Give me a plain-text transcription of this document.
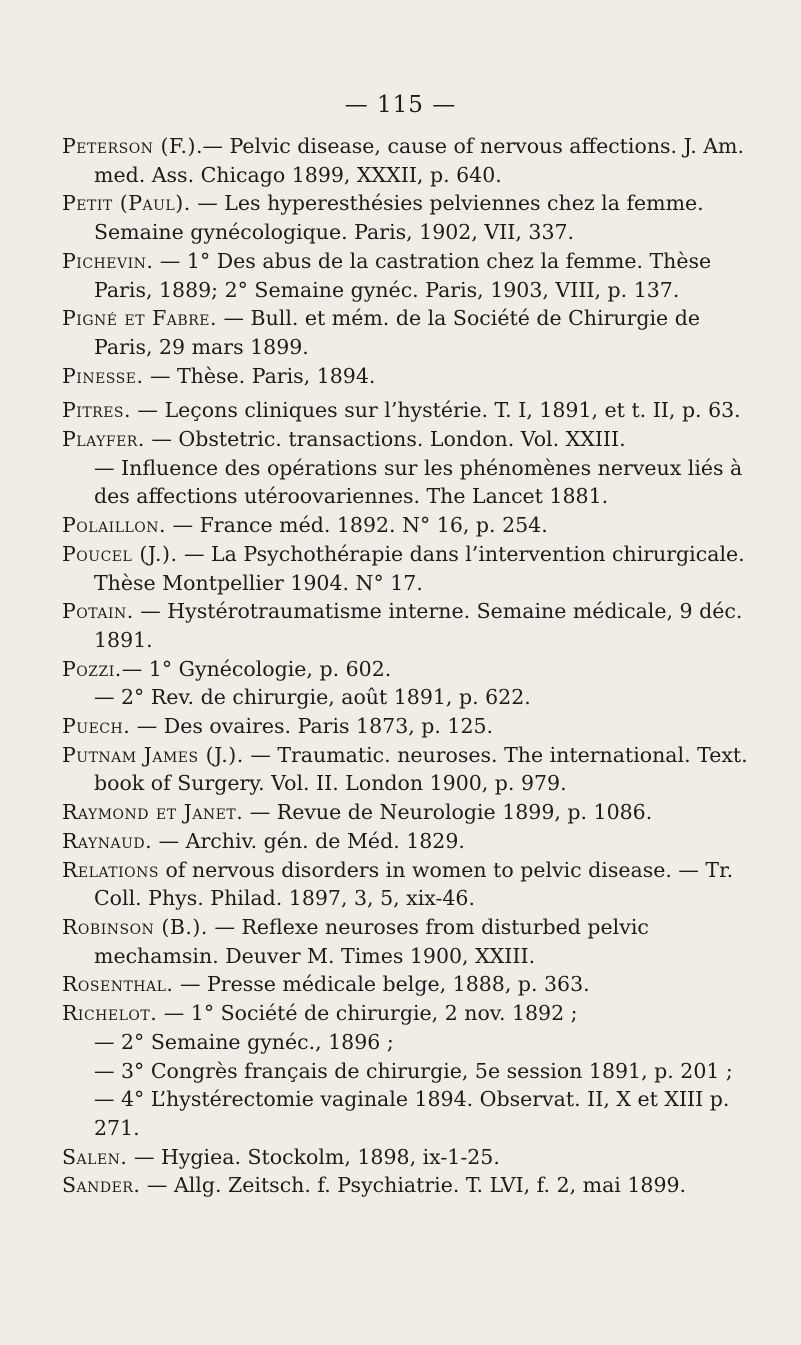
— 115 —
Peterson (F.).— Pelvic disease, cause of nervous affections. J. Am. med. Ass. Chicago 1899, XXXII, p. 640.
Petit (Paul). — Les hyperesthésies pelviennes chez la femme. Semaine gynécologique. Paris, 1902, VII, 337.
Pichevin. — 1° Des abus de la castration chez la femme. Thèse Paris, 1889; 2° Semaine gynéc. Paris, 1903, VIII, p. 137.
Pigné et Fabre. — Bull. et mém. de la Société de Chirurgie de Paris, 29 mars 1899.
Pinesse. — Thèse. Paris, 1894.
Pitres. — Leçons cliniques sur l’hystérie. T. I, 1891, et t. II, p. 63.
Playfer. — Obstetric. transactions. London. Vol. XXIII.
— Influence des opérations sur les phénomènes nerveux liés à des affections utéroovariennes. The Lancet 1881.
Polaillon. — France méd. 1892. N° 16, p. 254.
Poucel (J.). — La Psychothérapie dans l’intervention chirurgicale. Thèse Montpellier 1904. N° 17.
Potain. — Hystérotraumatisme interne. Semaine médicale, 9 déc. 1891.
Pozzi.— 1° Gynécologie, p. 602.
— 2° Rev. de chirurgie, août 1891, p. 622.
Puech. — Des ovaires. Paris 1873, p. 125.
Putnam James (J.). — Traumatic. neuroses. The international. Text. book of Surgery. Vol. II. London 1900, p. 979.
Raymond et Janet. — Revue de Neurologie 1899, p. 1086.
Raynaud. — Archiv. gén. de Méd. 1829.
Relations of nervous disorders in women to pelvic disease. — Tr. Coll. Phys. Philad. 1897, 3, 5, xix-46.
Robinson (B.). — Reflexe neuroses from disturbed pelvic mechamsin. Deuver M. Times 1900, XXIII.
Rosenthal. — Presse médicale belge, 1888, p. 363.
Richelot. — 1° Société de chirurgie, 2 nov. 1892 ;
— 2° Semaine gynéc., 1896 ;
— 3° Congrès français de chirurgie, 5e session 1891, p. 201 ;
— 4° L’hystérectomie vaginale 1894. Observat. II, X et XIII p. 271.
Salen. — Hygiea. Stockolm, 1898, ix-1-25.
Sander. — Allg. Zeitsch. f. Psychiatrie. T. LVI, f. 2, mai 1899.
